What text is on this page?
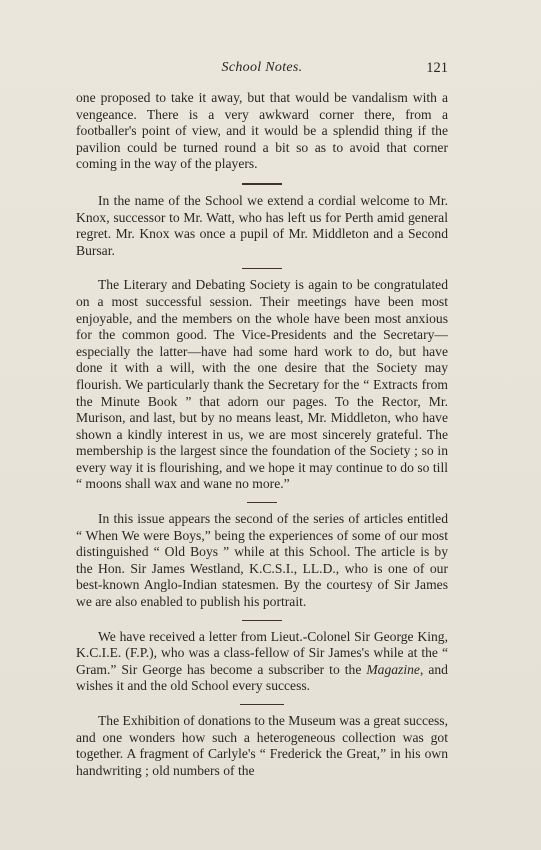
School Notes.	121

one proposed to take it away, but that would be vandalism with a vengeance. There is a very awkward corner there, from a footballer's point of view, and it would be a splendid thing if the pavilion could be turned round a bit so as to avoid that corner coming in the way of the players.

In the name of the School we extend a cordial welcome to Mr. Knox, successor to Mr. Watt, who has left us for Perth amid general regret. Mr. Knox was once a pupil of Mr. Middleton and a Second Bursar.

The Literary and Debating Society is again to be congratulated on a most successful session. Their meetings have been most enjoyable, and the members on the whole have been most anxious for the common good. The Vice-Presidents and the Secretary—especially the latter—have had some hard work to do, but have done it with a will, with the one desire that the Society may flourish. We particularly thank the Secretary for the “ Extracts from the Minute Book ” that adorn our pages. To the Rector, Mr. Murison, and last, but by no means least, Mr. Middleton, who have shown a kindly interest in us, we are most sincerely grateful. The membership is the largest since the foundation of the Society ; so in every way it is flourishing, and we hope it may continue to do so till “ moons shall wax and wane no more.”

In this issue appears the second of the series of articles entitled “ When We were Boys,” being the experiences of some of our most distinguished “ Old Boys ” while at this School. The article is by the Hon. Sir James Westland, K.C.S.I., LL.D., who is one of our best-known Anglo-Indian statesmen. By the courtesy of Sir James we are also enabled to publish his portrait.

We have received a letter from Lieut.-Colonel Sir George King, K.C.I.E. (F.P.), who was a class-fellow of Sir James's while at the “ Gram.” Sir George has become a subscriber to the Magazine, and wishes it and the old School every success.

The Exhibition of donations to the Museum was a great success, and one wonders how such a heterogeneous collection was got together. A fragment of Carlyle's “ Frederick the Great,” in his own handwriting ; old numbers of the
